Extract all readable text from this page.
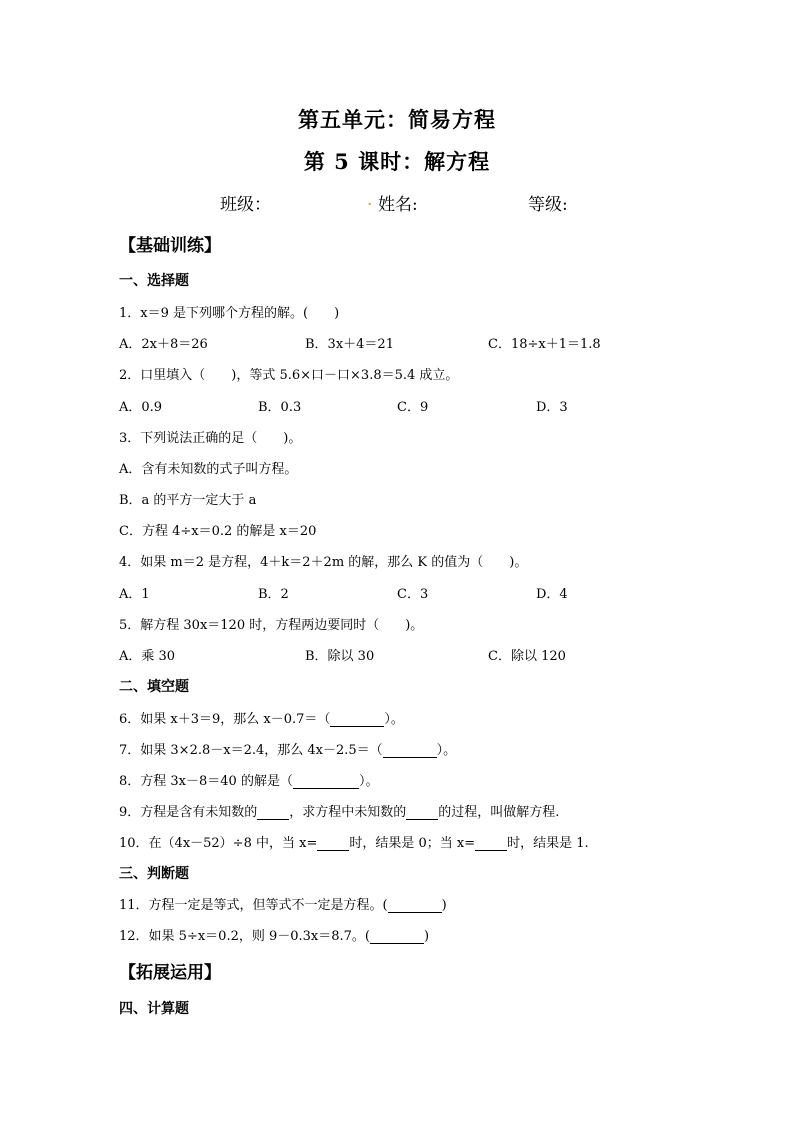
第五单元：简易方程
第 5 课时：解方程
班级：	. 姓名:	等级:
【基础训练】
一、选择题
1．x＝9 是下列哪个方程的解。(　　)
A．2x＋8＝26	B．3x＋4＝21	C．18÷x＋1＝1.8
2．口里填入（　　)，等式 5.6×口－口×3.8＝5.4 成立。
A．0.9	B．0.3	C．9	D．3
3．下列说法正确的足（　　)。
A．含有未知数的式子叫方程。
B．a 的平方一定大于 a
C．方程 4÷x＝0.2 的解是 x＝20
4．如果 m＝2 是方程，4＋k＝2＋2m 的解，那么 K 的值为（　　)。
A．1	B．2	C．3	D．4
5．解方程 30x＝120 时，方程两边要同时（　　)。
A．乘 30	B．除以 30	C．除以 120
二、填空题
6．如果 x＋3＝9，那么 x－0.7＝（	）。
7．如果 3×2.8－x＝2.4，那么 4x－2.5＝（	）。
8．方程 3x－8＝40 的解是（	）。
9．方程是含有未知数的 ，求方程中未知数的 的过程，叫做解方程.
10．在（4x－52）÷8 中，当 x= 时，结果是 0；当 x= 时，结果是 1.
三、判断题
11．方程一定是等式，但等式不一定是方程。(	)
12．如果 5÷x＝0.2，则 9－0.3x＝8.7。(	)
【拓展运用】
四、计算题
